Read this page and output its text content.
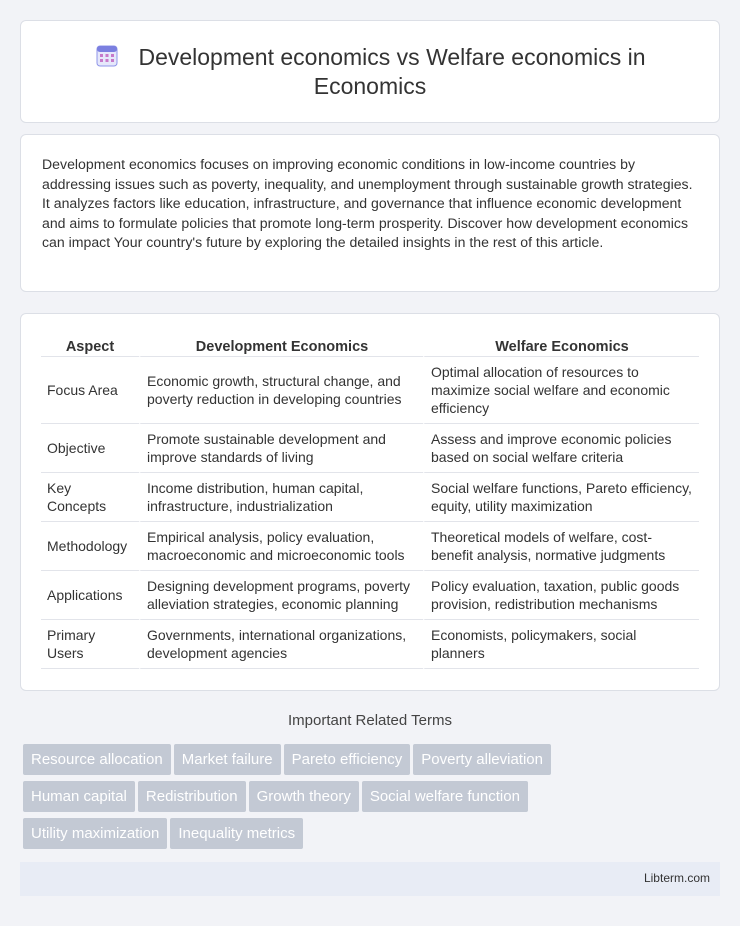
Development economics vs Welfare economics in
Economics

Development economics focuses on improving economic conditions in low-income countries by addressing issues such as poverty, inequality, and unemployment through sustainable growth strategies. It analyzes factors like education, infrastructure, and governance that influence economic development and aims to formulate policies that promote long-term prosperity. Discover how development economics can impact Your country's future by exploring the detailed insights in the rest of this article.

Aspect	Development Economics	Welfare Economics
Focus Area	Economic growth, structural change, and poverty reduction in developing countries	Optimal allocation of resources to maximize social welfare and economic efficiency
Objective	Promote sustainable development and improve standards of living	Assess and improve economic policies based on social welfare criteria
Key Concepts	Income distribution, human capital, infrastructure, industrialization	Social welfare functions, Pareto efficiency, equity, utility maximization
Methodology	Empirical analysis, policy evaluation, macroeconomic and microeconomic tools	Theoretical models of welfare, cost-benefit analysis, normative judgments
Applications	Designing development programs, poverty alleviation strategies, economic planning	Policy evaluation, taxation, public goods provision, redistribution mechanisms
Primary Users	Governments, international organizations, development agencies	Economists, policymakers, social planners
Important Related Terms
Resource allocation Market failure Pareto efficiency Poverty alleviation
Human capital Redistribution Growth theory Social welfare function
Utility maximization Inequality metrics
Libterm.com
